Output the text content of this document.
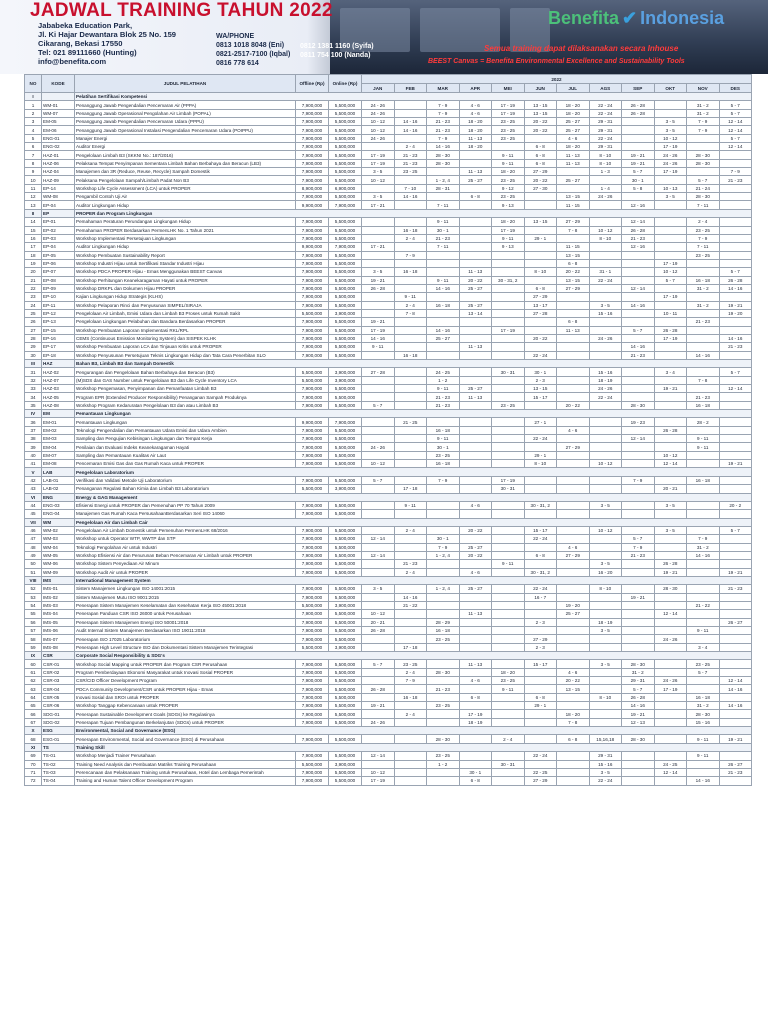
JADWAL TRAINING TAHUN 2022
Jababeka Education Park,
Jl. Ki Hajar Dewantara Blok 25 No. 159
Cikarang, Bekasi 17550
Tel: 021 89111660 (Hunting)
info@benefita.com
WA/PHONE
0813 1018 8048 (Eni)
0821-2517-7100 (Iqbal)
0816 778 614
0812 1381 1160 (Syifa)
0811 754 100 (Nanda)
Benefita ✔ Indonesia
Semua training dapat dilaksanakan secara Inhouse
BEEST Canvas = Benefita Environmental Excellence and Sustainability Tools
NO	KODE	JUDUL PELATIHAN	Offline (Rp)	Online (Rp)	2022											
					JAN	FEB	MAR	APR	MEI	JUN	JUL	AGS	SEP	OKT	NOV	DES
I		Pelatihan Sertifikasi Kompetensi														
1	WM-01	Penanggung Jawab Pengendalian Pencemaran Air (PPPA)	7,900,000	5,500,000	24 - 26		7 - 9	4 - 6	17 - 19	13 - 15	18 - 20	22 - 24	26 - 28		31 - 2	5 - 7
2	WM-07	Penanggung Jawab Operasional Pengolahan Air Limbah (POPAL)	7,900,000	5,500,000	24 - 26		7 - 9	4 - 6	17 - 19	13 - 15	18 - 20	22 - 24	26 - 28		31 - 2	5 - 7
3	EM-05	Penanggung Jawab Pengendalian Pencemaran Udara (PPPU)	7,900,000	5,500,000	10 - 12	14 - 16	21 - 23	18 - 20	23 - 25	20 - 22	25 - 27	29 - 31		3 - 5	7 - 9	12 - 14
4	EM-06	Penanggung Jawab Operasional Instalasi Pengendalian Pencemaran Udara (POIPPU)	7,900,000	5,500,000	10 - 12	14 - 16	21 - 23	18 - 20	23 - 25	20 - 22	25 - 27	29 - 31		3 - 5	7 - 9	12 - 14
5	ENG-01	Manajer Energi	7,900,000	5,500,000	24 - 26		7 - 9	11 - 13	23 - 25		4 - 6	22 - 24		10 - 12		5 - 7
6	ENG-02	Auditor Energi	7,900,000	5,500,000		2 - 4	14 - 16	18 - 20		6 - 8	18 - 20	29 - 31		17 - 19		12 - 14
7	HAZ-01	Pengelolaan Limbah B3 (SKKNI No.: 187/2016)	7,900,000	5,500,000	17 - 19	21 - 23	28 - 30		9 - 11	6 - 8	11 - 13	8 - 10	19 - 21	24 - 26	28 - 30	
8	HAZ-06	Pelaksana Tempat Penyimpanan Sementara Limbah Bahan Berbahaya dan Beracun (LB3)	7,900,000	5,500,000	17 - 19	21 - 23	28 - 30		9 - 11	6 - 8	11 - 13	8 - 10	19 - 21	24 - 26	28 - 30	
9	HAZ-04	Manajemen dan 3R (Reduce, Reuse, Recycle) Sampah Domestik	7,900,000	5,500,000	3 - 5	23 - 25		11 - 13	18 - 20	27 - 29		1 - 3	5 - 7	17 - 19		7 - 9
10	HAZ-09	Pelaksana Pengelolaan Sampah/Limbah Padat Non B3	7,900,000	5,500,000	10 - 12		1 - 2, 4	25 - 27	23 - 25	20 - 22	25 - 27		30 - 1		5 - 7	21 - 23
11	EP-14	Workshop Life Cycle Assessment (LCA) untuk PROPER	8,900,000	6,900,000		7 - 10	28 - 31		9 - 12	27 - 30		1 - 4	5 - 8	10 - 13	21 - 24	
12	WM-08	Pengambil Contoh Uji Air	7,900,000	5,500,000	3 - 5	14 - 16		6 - 8	23 - 25		13 - 15	24 - 26		3 - 5	28 - 30	
13	EP-04	Auditor Lingkungan Hidup	9,900,000	7,900,000	17 - 21		7 - 11		9 - 13		11 - 15		12 - 16		7 - 11	
II	EP	PROPER dan Program Lingkungan														
14	EP-01	Pemahaman Peraturan Perundangan Lingkungan Hidup	7,900,000	5,500,000			9 - 11		18 - 20	13 - 15	27 - 29		12 - 14		2 - 4	
15	EP-02	Pemahaman PROPER Berdasarkan PermenLHK No. 1 Tahun 2021	7,900,000	5,500,000		16 - 18	30 - 1		17 - 19		7 - 8	10 - 12	26 - 28		23 - 25	
16	EP-03	Workshop Implementasi Persetujuan Lingkungan	7,900,000	5,500,000		2 - 4	21 - 23		9 - 11	29 - 1		8 - 10	21 - 23		7 - 9	
17	EP-04	Auditor Lingkungan Hidup	9,900,000	7,900,000	17 - 21		7 - 11		9 - 13		11 - 15		12 - 16		7 - 11	
18	EP-05	Workshop Pembuatan Sustainability Report	7,900,000	5,500,000		7 - 9					13 - 15				23 - 25	
19	EP-06	Workshop Industri Hijau untuk Sertifikasi Standar Industri Hijau	7,900,000	5,500,000							6 - 8			17 - 19		
20	EP-07	Workshop PDCA PROPER Hijau - Emas Menggunakan BEEST Canvas	7,900,000	5,500,000	3 - 5	16 - 18		11 - 13		8 - 10	20 - 22	31 - 1		10 - 12		5 - 7
21	EP-08	Workshop Perhitungan Keanekaragaman Hayati untuk PROPER	7,900,000	5,500,000	19 - 21		9 - 11	20 - 22	30 - 31, 2		13 - 15	22 - 24		5 - 7	16 - 18	26 - 28
22	EP-09	Workshop DRKPL dan Dokumen Hijau PROPER	7,900,000	5,500,000	26 - 28		14 - 16	25 - 27		6 - 8	27 - 29		12 - 14		31 - 2	14 - 16
23	EP-10	Kajian Lingkungan Hidup Strategis (KLHS)	7,900,000	5,500,000		9 - 11				27 - 29				17 - 19		
24	EP-11	Workshop Pelaporan Rinci dan Penyusunan SIMPEL/SIRAJA	7,900,000	5,500,000		2 - 4	16 - 18	25 - 27		13 - 17		3 - 5	14 - 16		31 - 2	19 - 21
25	EP-12	Pengelolaan Air Limbah, Emisi Udara dan Limbah B3 Proses untuk Rumah Sakit	5,500,000	3,900,000		7 - 8		13 - 14		27 - 28		15 - 16		10 - 11		19 - 20
26	EP-13	Pengelolaan Lingkungan Pelabuhan dan Bandara Berdasarkan PROPER	7,900,000	5,500,000	19 - 21						6 - 8				21 - 23	
27	EP-15	Workshop Pembuatan Laporan Implementasi RKL/RPL	7,900,000	5,500,000	17 - 19		14 - 16		17 - 19		11 - 13		5 - 7	26 - 28		
28	EP-16	CEMS (Continuous Emission Monitoring System) dan SISPEK KLHK	7,900,000	5,500,000	14 - 16		25 - 27			20 - 22		24 - 26		17 - 19		14 - 16
29	EP-17	Workshop Pembuatan Laporan LCA dan Tinjauan Kritis untuk PROPER	7,900,000	5,500,000	9 - 11			11 - 13					14 - 16			21 - 23
30	EP-18	Workshop Penyusunan Persetujuan Teknis Lingkungan Hidup dan Tata Cara Penerbitan SLO	7,900,000	5,500,000		16 - 18				22 - 24			21 - 23		14 - 16	
III	HAZ	Bahan B3, Limbah B3 dan Sampah Domestik														
31	HAZ-02	Pengurangan dan Pengelolaan Bahan Berbahaya dan Beracun (B3)	5,500,000	3,900,000	27 - 28		24 - 25		30 - 31	30 - 1		15 - 16		3 - 4		5 - 7
32	HAZ-07	(M)SDS dan GAS Number untuk Pengelolaan B3 dan Life Cycle Inventory LCA	5,500,000	3,900,000			1 - 2			2 - 3		18 - 19			7 - 8	
33	HAZ-03	Workshop Pengemasan, Penyimpanan dan Pemanfaatan Limbah B3	7,900,000	5,500,000			9 - 11	25 - 27		13 - 15		24 - 26		19 - 21		12 - 14
34	HAZ-05	Program EPR (Extended Producer Responsibility) Penanganan Sampah Produknya	7,900,000	5,500,000			21 - 23	11 - 13		15 - 17		22 - 24			21 - 23	
35	HAZ-08	Workshop Program Kedaruratan Pengelolaan B3 dan atau Limbah B3	7,900,000	5,500,000	5 - 7		21 - 23		23 - 25		20 - 22		28 - 30		16 - 18	
IV	EM	Pemantauan Lingkungan														
36	EM-01	Pemantauan Lingkungan	9,900,000	7,900,000		21 - 25				27 - 1			19 - 23		28 - 2	
37	EM-02	Teknologi Pengendalian dan Pemantauan Udara Emisi dan Udara Ambien	7,900,000	5,500,000			16 - 18				4 - 6			26 - 28		
38	EM-03	Sampling dan Pengujian Kebisingan Lingkungan dan Tempat Kerja	7,900,000	5,500,000			9 - 11			22 - 24			12 - 14		9 - 11	
39	EM-04	Penilaian dan Evaluasi Indeks Keanekaragaman Hayati	7,900,000	5,500,000	24 - 26		30 - 1				27 - 29				9 - 11	
40	EM-07	Sampling dan Pemantauan Kualitas Air Laut	7,900,000	5,500,000			23 - 25			29 - 1				10 - 12		
41	EM-08	Pencemaran Emisi Gas dan Gas Rumah Kaca untuk PROPER	7,900,000	5,500,000	10 - 12		16 - 18			8 - 10		10 - 12		12 - 14		19 - 21
V	LAB	Pengelolaan Laboratorium														
42	LAB-01	Verifikasi dan Validasi Metode Uji Laboratorium	7,900,000	5,500,000	5 - 7		7 - 9		17 - 19				7 - 9		16 - 18	
43	LAB-02	Penanganan Regulasi Bahan Kimia dan Limbah B3 Laboratorium	5,500,000	3,900,000		17 - 18			30 - 31					20 - 21		
VI	ENG	Energy & GAG Management														
44	ENG-03	Efisiensi Energi untuk PROPER dan Pemenuhan PP 70 Tahun 2009	7,900,000	5,500,000		9 - 11		4 - 6		30 - 31, 2		3 - 5		3 - 5		20 - 2
45	ENG-04	Manajemen Gas Rumah Kaca PersusahaanBerdasarkan Seri ISO 14060	7,900,000	5,500,000												
VII	WM	Pengelolaan Air dan Limbah Cair														
46	WM-02	Pengelolaan Air Limbah Domestik untuk Pemenuhan PermenLHK 68/2016	7,900,000	5,500,000		2 - 4		20 - 22		15 - 17		10 - 12		3 - 5		5 - 7
47	WM-03	Workshop untuk Operator WTP, WWTP dan STP	7,900,000	5,500,000	12 - 14		30 - 1			22 - 24			5 - 7		7 - 9	
48	WM-04	Teknologi Pengolahan Air untuk Industri	7,900,000	5,500,000			7 - 9	25 - 27			4 - 6		7 - 9		31 - 2	
49	WM-05	Workshop Efisiensi Air dan Penurunan Beban Pencemaran Air Limbah untuk PROPER	7,900,000	5,500,000	12 - 14		1 - 2, 4	20 - 22		6 - 8	27 - 29		21 - 23		14 - 16	
50	WM-06	Workshop Sistem Penyediaan Air Minum	7,900,000	5,500,000		21 - 23			9 - 11			3 - 5		26 - 28		
51	WM-09	Workshop Audit Air untuk PROPER	7,900,000	5,500,000		2 - 4		4 - 6		30 - 31, 2		16 - 20		19 - 21		19 - 21
VIII	IMS	International Management System														
52	IMS-01	Sistem Manajemen Lingkungan ISO 14001:2015	7,900,000	5,500,000	3 - 5		1 - 2, 4	25 - 27		22 - 24		8 - 10		28 - 30		21 - 23
53	IMS-02	Sistem Manajemen Mutu ISO 9001:2015	7,900,000	5,500,000		14 - 16				16 - 7			19 - 21			
54	IMS-03	Penerapan Sistem Manajemen Keselamatan dan Kesehatan Kerja ISO 45001:2018	5,500,000	3,900,000		21 - 22					19 - 20				21 - 22	
55	IMS-04	Penerapan Panduan CSR ISO 26000 untuk Perusahaan	7,900,000	5,500,000	10 - 12			11 - 13			25 - 27			12 - 14		
56	IMS-05	Penerapan Sistem Manajemen Energi ISO 50001:2018	7,900,000	5,500,000	20 - 21		28 - 29			2 - 3		18 - 19				26 - 27
57	IMS-06	Audit Internal Sistem Manajemen Berdasarkan ISO 19011:2018	7,900,000	5,500,000	26 - 28		16 - 18					3 - 5			9 - 11	
58	IMS-07	Penerapan ISO 17025 Laboratorium	7,900,000	5,500,000			23 - 25			27 - 29				24 - 26		
59	IMS-08	Penerapan High Level Structure ISO dan Dokumentasi Sistem Manajemen Terintegrasi	5,500,000	3,900,000		17 - 18				2 - 3					3 - 4	
IX	CSR	Corporate Social Responsibility & SDG's														
60	CSR-01	Workshop Social Mapping untuk PROPER dan Program CSR Perusahaan	7,900,000	5,500,000	5 - 7	23 - 25		11 - 13		15 - 17		3 - 5	28 - 30		23 - 25	
61	CSR-02	Program Pemberdayaan Ekonomi Masyarakat untuk Inovasi Sosial PROPER	7,900,000	5,500,000		2 - 4	28 - 30		18 - 20		4 - 6		31 - 2		5 - 7	
62	CSR-03	CSR/CID Officer Development Program	7,900,000	5,500,000		7 - 9		4 - 6	23 - 25		20 - 22		29 - 31	24 - 26		12 - 14
63	CSR-04	PDCA Community Development/CSR untuk PROPER Hijau - Emas	7,900,000	5,500,000	26 - 28		21 - 23		9 - 11		13 - 15		5 - 7	17 - 19		14 - 16
64	CSR-05	Inovasi Sosial dan SROI untuk PROPER	7,900,000	5,500,000		16 - 18		6 - 8		6 - 8		8 - 10	26 - 28		16 - 18	
65	CSR-06	Workshop Tanggap Kebencanaan untuk PROPER	7,900,000	5,500,000	19 - 21		23 - 25			29 - 1			14 - 16		31 - 2	14 - 16
66	SDG-01	Penerapan Sustainable Development Goals (SDGs) ke Regulasinya	7,900,000	5,500,000		2 - 4		17 - 19			18 - 20		19 - 21		28 - 30	
67	SDG-02	Penerapan Tujuan Pembangunan Berkelanjutan (SDGs) untuk PROPER	7,900,000	5,500,000	24 - 26			18 - 19			7 - 8		12 - 13		15 - 16	
X	ESG	Environmental, Social and Governance (ESG)														
68	ESG-01	Penerapan Environmental, Social and Governance (ESG) di Perusahaan	7,900,000	5,500,000			28 - 30		2 - 4		6 - 8	15,16,18	28 - 30		9 - 11	19 - 21
XI	TS	Training Skill														
69	TS-01	Workshop Menjadi Trainer Perusahaan	7,900,000	5,500,000	12 - 14		23 - 25			22 - 24		29 - 31			9 - 11	
70	TS-02	Training Need Analysis dan Pembuatan Matriks Training Perusahaan	5,500,000	3,900,000			1 - 2		30 - 31			15 - 16		24 - 25		26 - 27
71	TS-03	Perencanaan dan Pelaksanaan Training untuk Perusahaan, Hotel dan Lembaga Pemerintah	7,900,000	5,500,000	10 - 12			30 - 1		22 - 25		3 - 5		12 - 14		21 - 23
72	TS-04	Training and Human Talent Officer Development Program	7,900,000	5,500,000	17 - 19			6 - 8		27 - 29		22 - 24			14 - 16	
